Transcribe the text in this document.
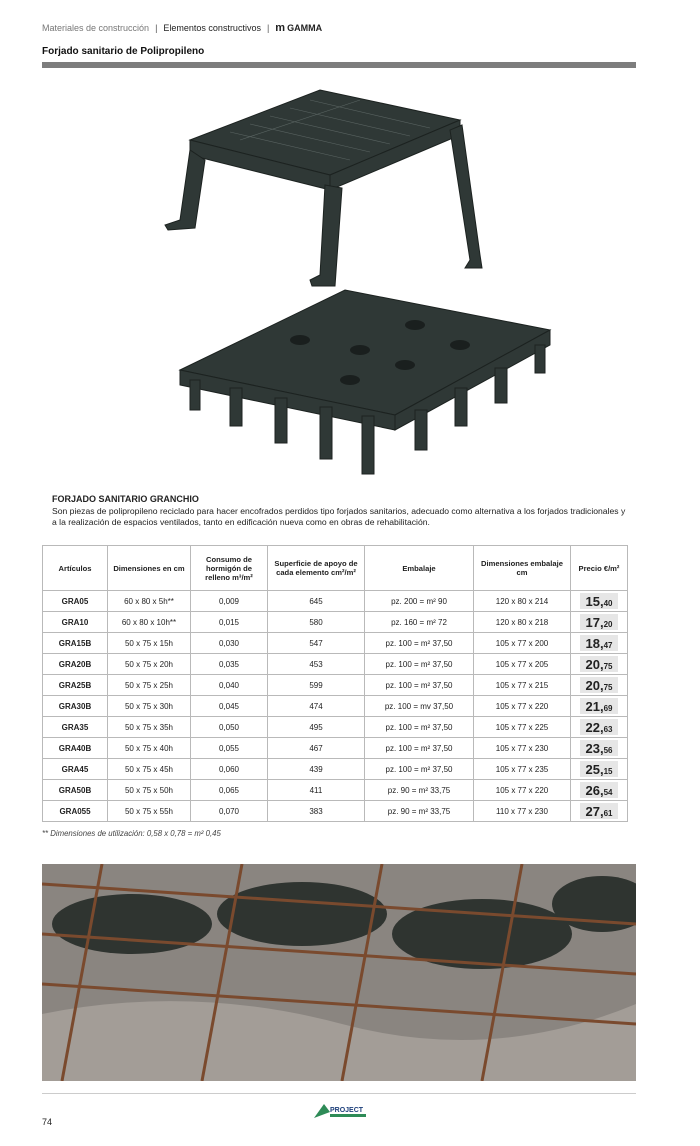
Materiales de construcción | Elementos constructivos | m GAMMA
Forjado sanitario de Polipropileno
FORJADO SANITARIO GRANCHIO
Son piezas de polipropileno reciclado para hacer encofrados perdidos tipo forjados sanitarios, adecuado como alternativa a los forjados tradicionales y a la realización de espacios ventilados, tanto en edificación nueva como en obras de rehabilitación.
Artículos	Dimensiones en cm	Consumo de hormigón de relleno m³/m²	Superficie de apoyo de cada elemento cm²/m²	Embalaje	Dimensiones embalaje cm	Precio €/m²
GRA05	60 x 80 x 5h**	0,009	645	pz. 200 = m² 90	120 x 80 x 214	15,40
GRA10	60 x 80 x 10h**	0,015	580	pz. 160 = m² 72	120 x 80 x 218	17,20
GRA15B	50 x 75 x 15h	0,030	547	pz. 100 = m² 37,50	105 x 77 x 200	18,47
GRA20B	50 x 75 x 20h	0,035	453	pz. 100 = m² 37,50	105 x 77 x 205	20,75
GRA25B	50 x 75 x 25h	0,040	599	pz. 100 = m² 37,50	105 x 77 x 215	20,75
GRA30B	50 x 75 x 30h	0,045	474	pz. 100 = mv 37,50	105 x 77 x 220	21,69
GRA35	50 x 75 x 35h	0,050	495	pz. 100 = m² 37,50	105 x 77 x 225	22,63
GRA40B	50 x 75 x 40h	0,055	467	pz. 100 = m² 37,50	105 x 77 x 230	23,56
GRA45	50 x 75 x 45h	0,060	439	pz. 100 = m² 37,50	105 x 77 x 235	25,15
GRA50B	50 x 75 x 50h	0,065	411	pz. 90 = m² 33,75	105 x 77 x 220	26,54
GRA055	50 x 75 x 55h	0,070	383	pz. 90 = m² 33,75	110 x 77 x 230	27,61
** Dimensiones de utilización: 0,58 x 0,78 = m² 0,45
74
PROJECT
